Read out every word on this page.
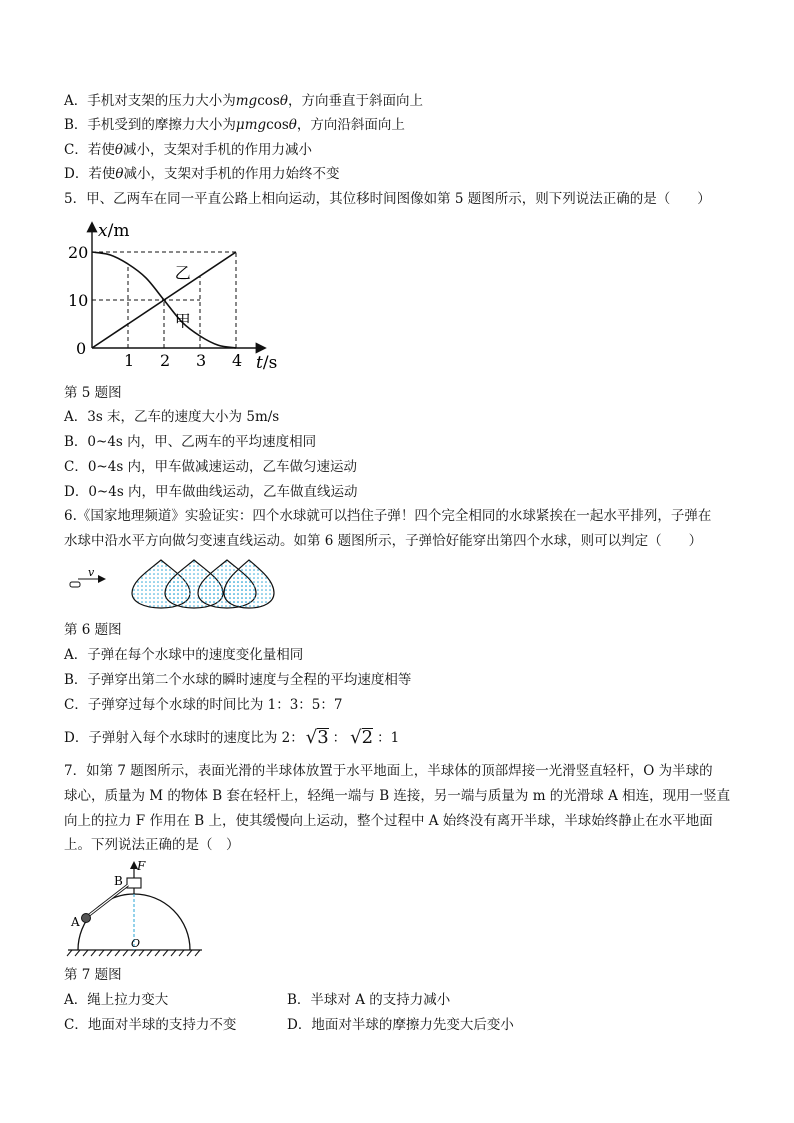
A．手机对支架的压力大小为mgcosθ，方向垂直于斜面向上
B．手机受到的摩擦力大小为μmgcosθ，方向沿斜面向上
C．若使θ减小，支架对手机的作用力减小
D．若使θ减小，支架对手机的作用力始终不变
5．甲、乙两车在同一平直公路上相向运动，其位移时间图像如第 5 题图所示，则下列说法正确的是（　　）
1 2 3 4
0
10
20
x/m
t/s
乙
甲
第 5 题图
A．3s 末，乙车的速度大小为 5m/s
B．0~4s 内，甲、乙两车的平均速度相同
C．0~4s 内，甲车做减速运动，乙车做匀速运动
D．0~4s 内，甲车做曲线运动，乙车做直线运动
6.《国家地理频道》实验证实：四个水球就可以挡住子弹！四个完全相同的水球紧挨在一起水平排列，子弹在
水球中沿水平方向做匀变速直线运动。如第 6 题图所示，子弹恰好能穿出第四个水球，则可以判定（　　）
v
第 6 题图
A．子弹在每个水球中的速度变化量相同
B．子弹穿出第二个水球的瞬时速度与全程的平均速度相等
C．子弹穿过每个水球的时间比为 1：3：5：7
D．子弹射入每个水球时的速度比为 2： √ 3 ： √ 2 ：1
7．如第 7 题图所示，表面光滑的半球体放置于水平地面上，半球体的顶部焊接一光滑竖直轻杆，O 为半球的
球心，质量为 M 的物体 B 套在轻杆上，轻绳一端与 B 连接，另一端与质量为 m 的光滑球 A 相连，现用一竖直
向上的拉力 F 作用在 B 上，使其缓慢向上运动，整个过程中 A 始终没有离开半球，半球始终静止在水平地面
上。下列说法正确的是（　）
F
B
A
O
第 7 题图
A．绳上拉力变大	B．半球对 A 的支持力减小
C．地面对半球的支持力不变	D．地面对半球的摩擦力先变大后变小
